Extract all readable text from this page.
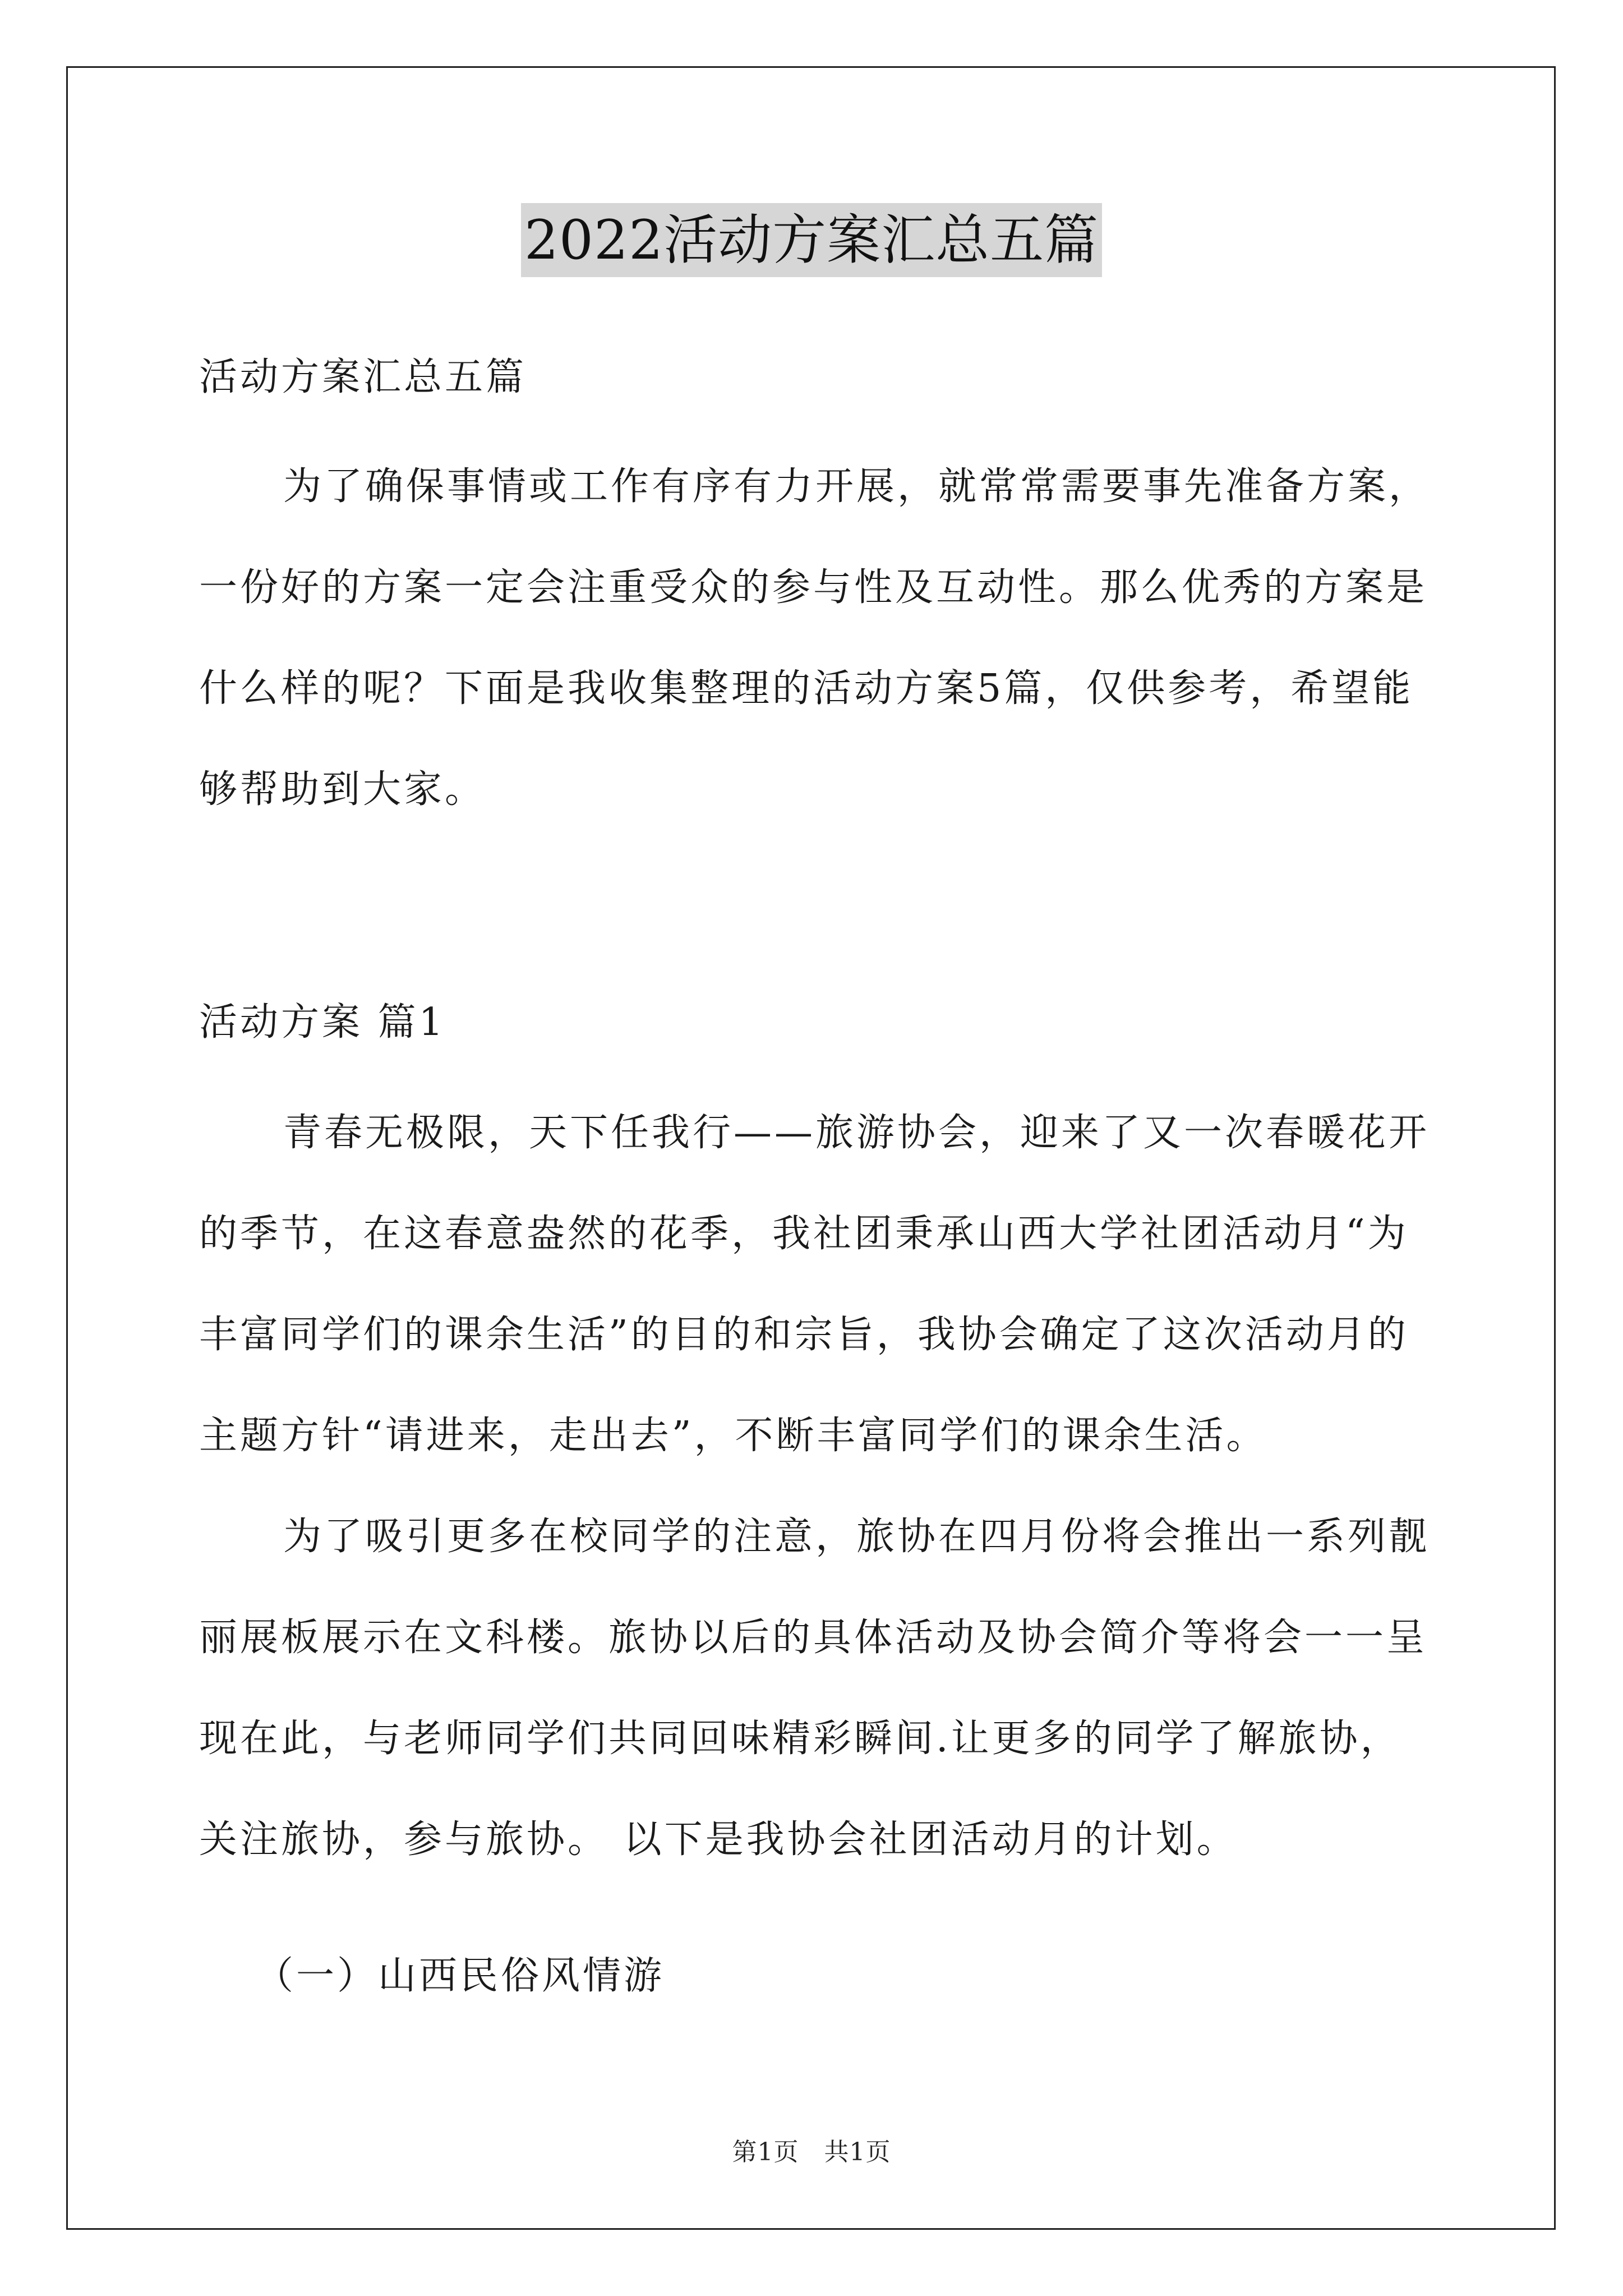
2022活动方案汇总五篇

活动方案汇总五篇

为了确保事情或工作有序有力开展，就常常需要事先准备方案，一份好的方案一定会注重受众的参与性及互动性。那么优秀的方案是什么样的呢？下面是我收集整理的活动方案5篇，仅供参考，希望能够帮助到大家。

活动方案 篇1

青春无极限，天下任我行——旅游协会，迎来了又一次春暖花开的季节，在这春意盎然的花季，我社团秉承山西大学社团活动月“为丰富同学们的课余生活”的目的和宗旨，我协会确定了这次活动月的主题方针“请进来，走出去”，不断丰富同学们的课余生活。

为了吸引更多在校同学的注意，旅协在四月份将会推出一系列靓丽展板展示在文科楼。旅协以后的具体活动及协会简介等将会一一呈现在此，与老师同学们共同回味精彩瞬间.让更多的同学了解旅协，关注旅协，参与旅协。 以下是我协会社团活动月的计划。

（一）山西民俗风情游

第1页　共1页
